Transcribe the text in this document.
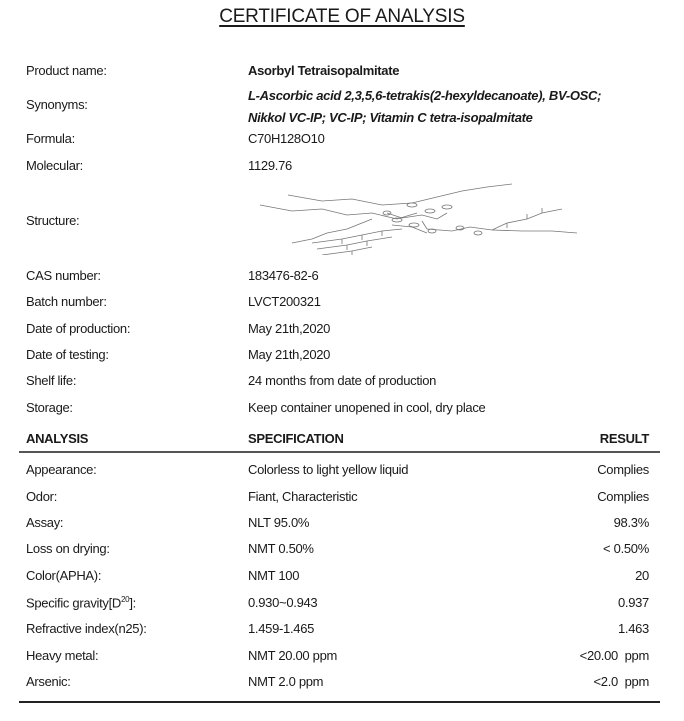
CERTIFICATE OF ANALYSIS
Product name:	Asorbyl Tetraisopalmitate
Synonyms:
L-Ascorbic acid 2,3,5,6-tetrakis(2-hexyldecanoate), BV-OSC;
Nikkol VC-IP; VC-IP; Vitamin C tetra-isopalmitate
Formula:	C70H128O10
Molecular:	1129.76
Structure:
CAS number:	183476-82-6
Batch number:	LVCT200321
Date of production:	May 21th,2020
Date of testing:	May 21th,2020
Shelf life:	24 months from date of production
Storage:	Keep container unopened in cool, dry place
ANALYSIS	SPECIFICATION	RESULT
Appearance:	Colorless to light yellow liquid	Complies
Odor:	Fiant, Characteristic	Complies
Assay:	NLT 95.0%	98.3%
Loss on drying:	NMT 0.50%	< 0.50%
Color(APHA):	NMT 100	20
Specific $gravity[D^{20}]$:	0.930~0.943	0.937
Refractive index(n25):	1.459-1.465	1.463
Heavy metal:	NMT 20.00 ppm	<20.00  ppm
Arsenic:	NMT 2.0 ppm	<2.0  ppm
